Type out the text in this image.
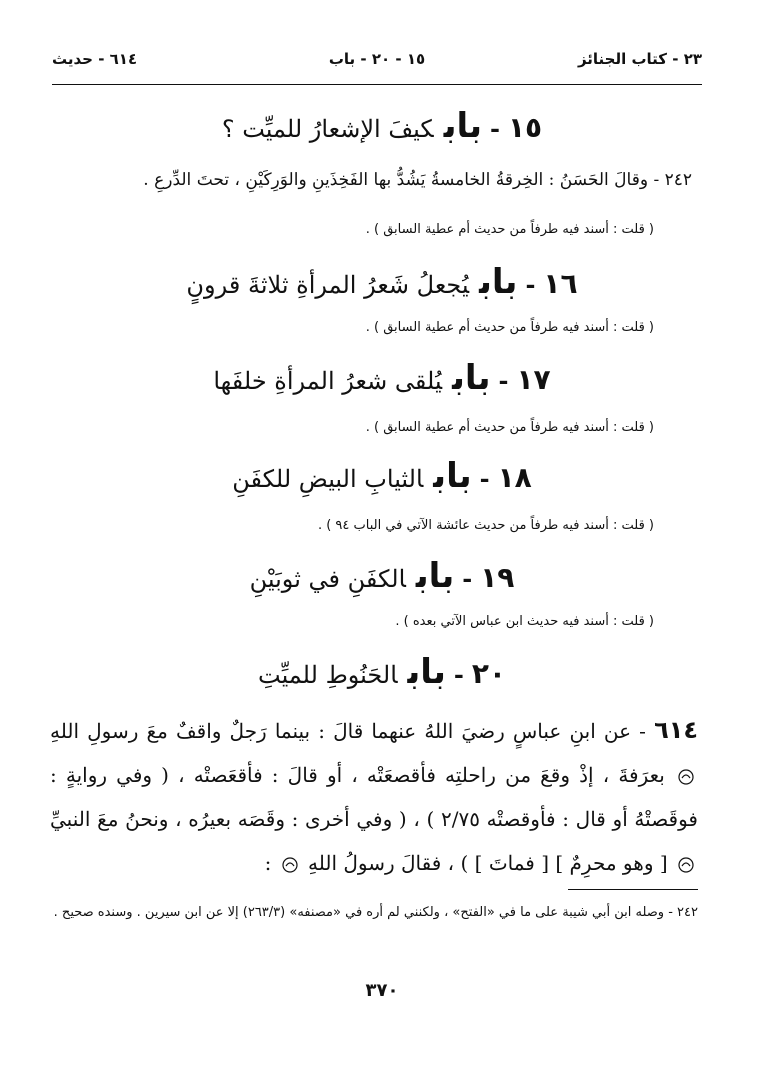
٢٣ - كتاب الجنائز
١٥ - ٢٠ - باب
٦١٤ - حديث
١٥-بابكيفَ الإشعارُ للميِّت ؟
٢٤٢ - وقالَ الحَسَنُ : الخِرقةُ الخامسةُ يَشُدُّ بها الفَخِذَينِ والوَرِكَيْنِ ، تحتَ الدِّرعِ .
( قلت : أسند فيه طرفاً من حديث أم عطية السابق ) .
١٦-بابيُجعلُ شَعرُ المرأةِ ثلاثةَ قرونٍ
( قلت : أسند فيه طرفاً من حديث أم عطية السابق ) .
١٧-بابيُلقى شعرُ المرأةِ خلفَها
( قلت : أسند فيه طرفاً من حديث أم عطية السابق ) .
١٨-بابالثيابِ البيضِ للكفَنِ
( قلت : أسند فيه طرفاً من حديث عائشة الآتي في الباب ٩٤ ) .
١٩-بابالكفَنِ في ثوبَيْنِ
( قلت : أسند فيه حديث ابن عباس الآتي بعده ) .
٢٠-بابالحَنُوطِ للميِّتِ
٦١٤ - عن ابنِ عباسٍ رضيَ اللهُ عنهما قالَ : بينما رَجلٌ واقفٌ معَ رسولِ اللهِ  بعرَفةَ ، إذْ وقعَ من راحلتِه فأقصعَتْه ، أو قالَ : فأقعَصتْه ، ( وفي روايةٍ : فوقَصتْهُ أو قال : فأوقصتْه ٢/٧٥ ) ، ( وفي أخرى : وقَصَه بعيرُه ، ونحنُ معَ النبيِّ  [ وهو محرِمٌ ] [ فماتَ ] ) ، فقالَ رسولُ اللهِ  :
٢٤٢ - وصله ابن أبي شيبة على ما في «الفتح» ، ولكنني لم أره في «مصنفه» (٢٦٣/٣) إلا عن ابن سيرين . وسنده صحيح .
٣٧٠
